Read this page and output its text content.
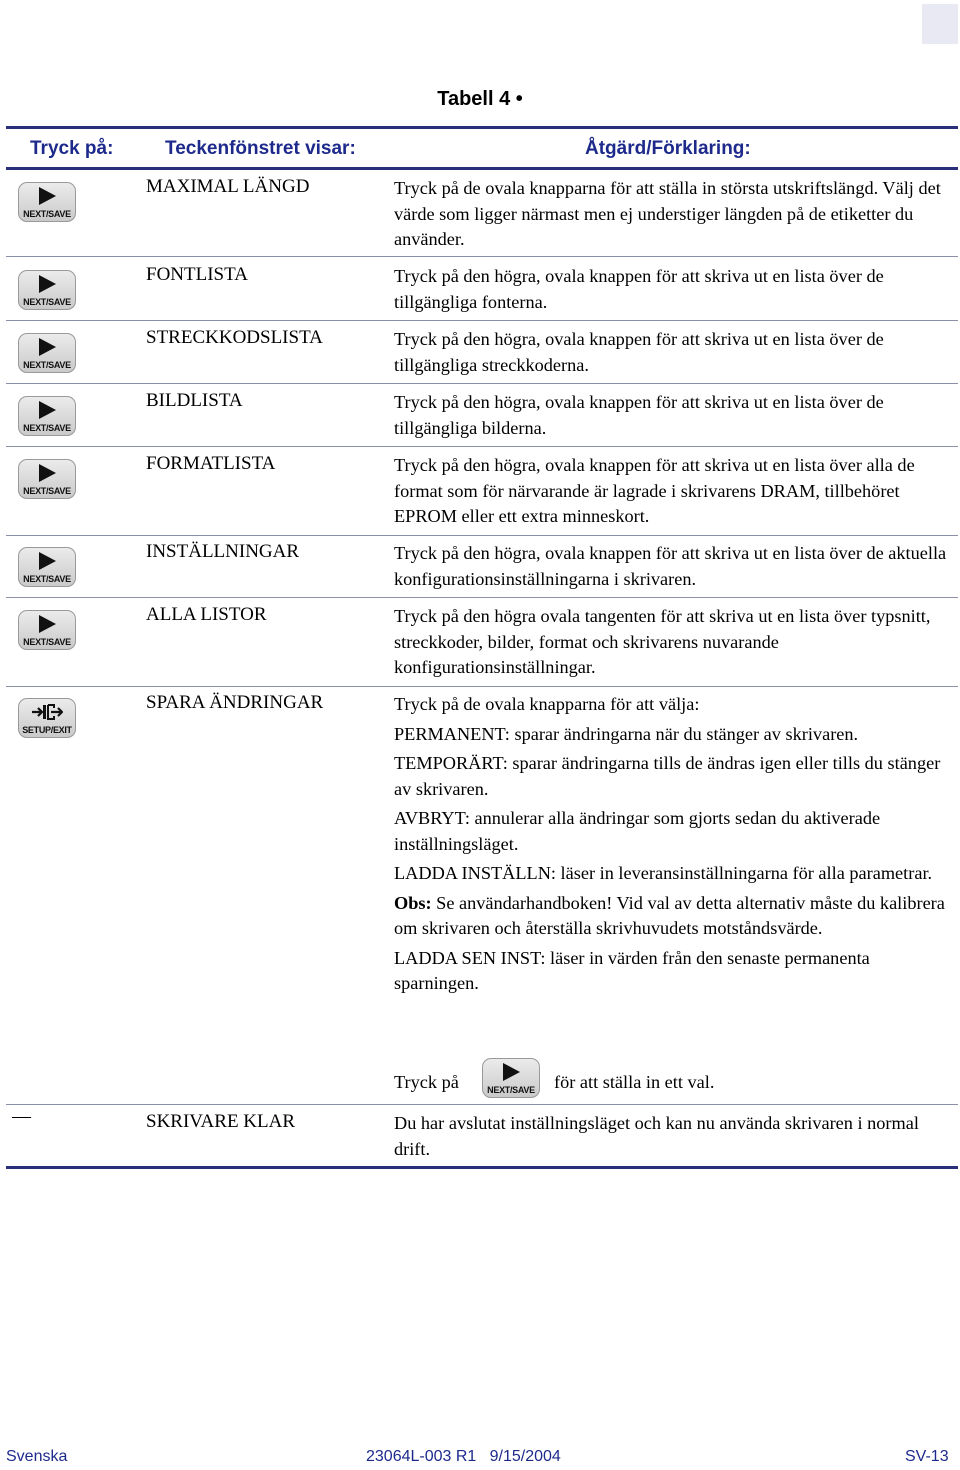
Tabell 4 •
Tryck på:	Teckenfönstret visar:	Åtgärd/Förklaring:
NEXT/SAVE
MAXIMAL LÄNGD	Tryck på de ovala knapparna för att ställa in största utskriftslängd. Välj det värde som ligger närmast men ej understiger längden på de etiketter du använder.
NEXT/SAVE
FONTLISTA	Tryck på den högra, ovala knappen för att skriva ut en lista över de tillgängliga fonterna.
NEXT/SAVE
STRECKKODSLISTA	Tryck på den högra, ovala knappen för att skriva ut en lista över de tillgängliga streckkoderna.
NEXT/SAVE
BILDLISTA	Tryck på den högra, ovala knappen för att skriva ut en lista över de tillgängliga bilderna.
NEXT/SAVE
FORMATLISTA	Tryck på den högra, ovala knappen för att skriva ut en lista över alla de format som för närvarande är lagrade i skrivarens DRAM, tillbehöret EPROM eller ett extra minneskort.
NEXT/SAVE
INSTÄLLNINGAR	Tryck på den högra, ovala knappen för att skriva ut en lista över de aktuella konfigurationsinställningarna i skrivaren.
NEXT/SAVE
ALLA LISTOR	Tryck på den högra ovala tangenten för att skriva ut en lista över typsnitt, streckkoder, bilder, format och skrivarens nuvarande konfigurationsinställningar.
SETUP/EXIT
SPARA ÄNDRINGAR	Tryck på de ovala knapparna för att välja:

PERMANENT: sparar ändringarna när du stänger av skrivaren.

TEMPORÄRT: sparar ändringarna tills de ändras igen eller tills du stänger av skrivaren.

AVBRYT: annulerar alla ändringar som gjorts sedan du aktiverade inställningsläget.

LADDA INSTÄLLN: läser in leveransinställningarna för alla parametrar.

Obs: Se användarhandboken! Vid val av detta alternativ måste du kalibrera om skrivaren och återställa skrivhuvudets motståndsvärde.

LADDA SEN INST: läser in värden från den senaste permanenta sparningen.

Tryck på	NEXT/SAVE för att ställa in ett val.
—	SKRIVARE KLAR	Du har avslutat inställningsläget och kan nu använda skrivaren i normal drift.
Svenska	23064L-003 R1   9/15/2004	SV-13
